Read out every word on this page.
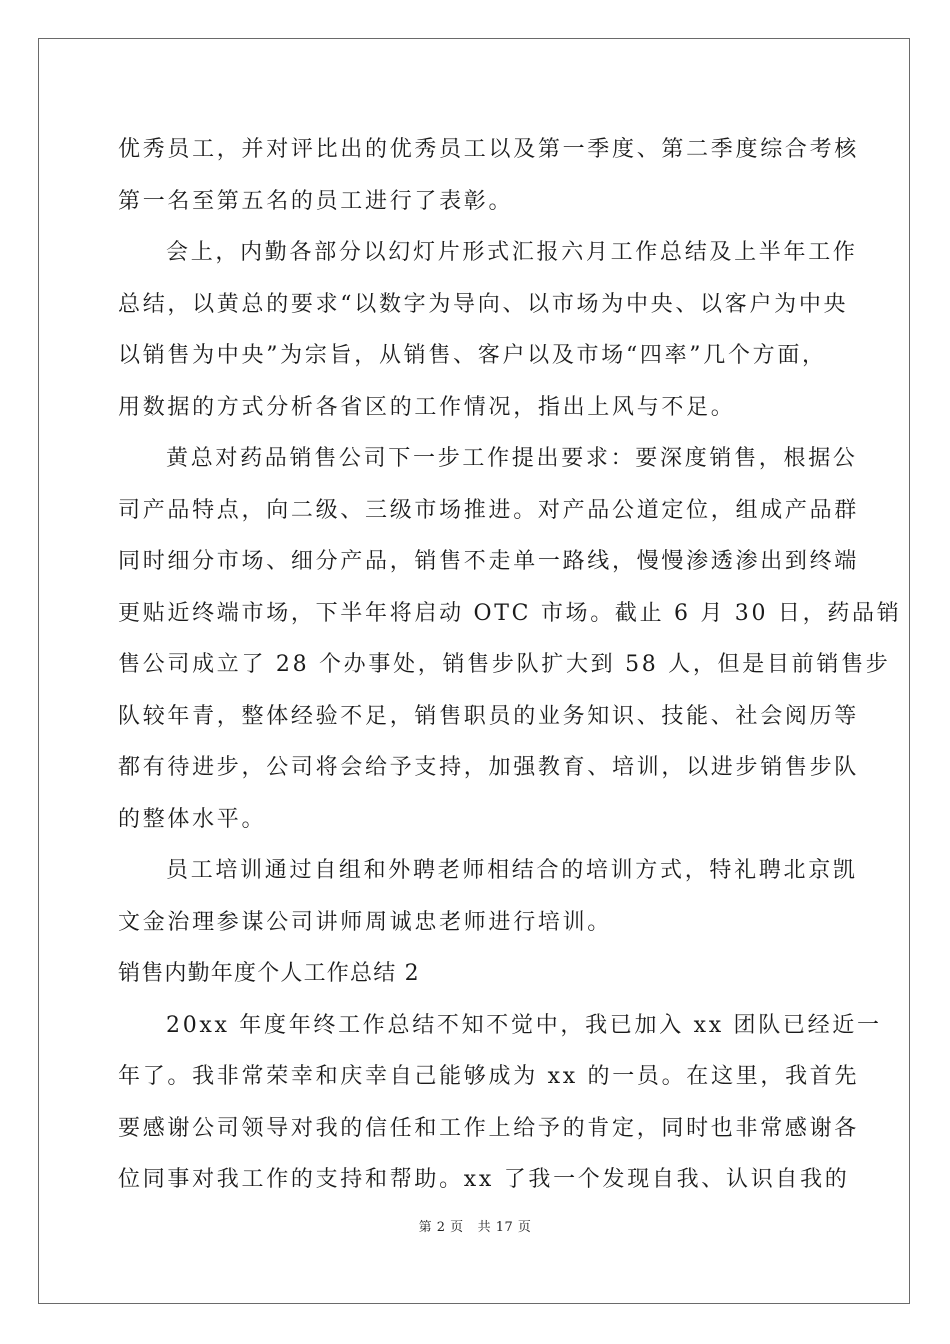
优秀员工，并对评比出的优秀员工以及第一季度、第二季度综合考核
第一名至第五名的员工进行了表彰。
会上，内勤各部分以幻灯片形式汇报六月工作总结及上半年工作
总结，以黄总的要求“以数字为导向、以市场为中央、以客户为中央
以销售为中央”为宗旨，从销售、客户以及市场“四率”几个方面，
用数据的方式分析各省区的工作情况，指出上风与不足。
黄总对药品销售公司下一步工作提出要求：要深度销售，根据公
司产品特点，向二级、三级市场推进。对产品公道定位，组成产品群
同时细分市场、细分产品，销售不走单一路线，慢慢渗透渗出到终端
更贴近终端市场，下半年将启动 OTC 市场。截止 6 月 30 日，药品销
售公司成立了 28 个办事处，销售步队扩大到 58 人，但是目前销售步
队较年青，整体经验不足，销售职员的业务知识、技能、社会阅历等
都有待进步，公司将会给予支持，加强教育、培训，以进步销售步队
的整体水平。
员工培训通过自组和外聘老师相结合的培训方式，特礼聘北京凯
文金治理参谋公司讲师周诚忠老师进行培训。
销售内勤年度个人工作总结 2
20xx 年度年终工作总结不知不觉中，我已加入 xx 团队已经近一
年了。我非常荣幸和庆幸自己能够成为 xx 的一员。在这里，我首先
要感谢公司领导对我的信任和工作上给予的肯定，同时也非常感谢各
位同事对我工作的支持和帮助。xx 了我一个发现自我、认识自我的
第 2 页 共 17 页
